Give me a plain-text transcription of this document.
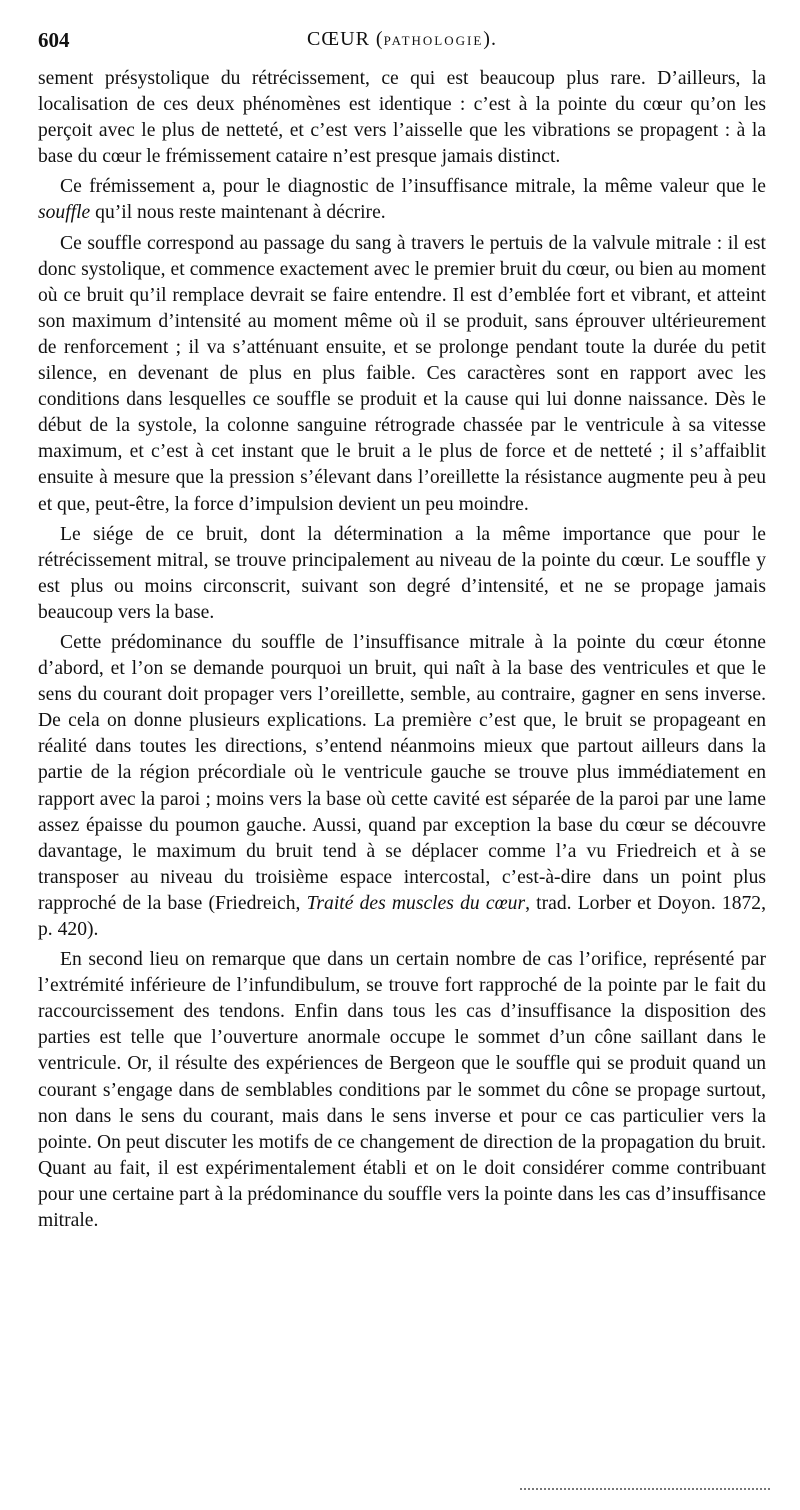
604	CŒUR (PATHOLOGIE).

sement présystolique du rétrécissement, ce qui est beaucoup plus rare. D’ailleurs, la localisation de ces deux phénomènes est identique : c’est à la pointe du cœur qu’on les perçoit avec le plus de netteté, et c’est vers l’aisselle que les vibrations se propagent : à la base du cœur le frémissement cataire n’est presque jamais distinct.

Ce frémissement a, pour le diagnostic de l’insuffisance mitrale, la même valeur que le souffle qu’il nous reste maintenant à décrire.

Ce souffle correspond au passage du sang à travers le pertuis de la valvule mitrale : il est donc systolique, et commence exactement avec le premier bruit du cœur, ou bien au moment où ce bruit qu’il remplace devrait se faire entendre. Il est d’emblée fort et vibrant, et atteint son maximum d’intensité au moment même où il se produit, sans éprouver ultérieurement de renforcement ; il va s’atténuant ensuite, et se prolonge pendant toute la durée du petit silence, en devenant de plus en plus faible. Ces caractères sont en rapport avec les conditions dans lesquelles ce souffle se produit et la cause qui lui donne naissance. Dès le début de la systole, la colonne sanguine rétrograde chassée par le ventricule à sa vitesse maximum, et c’est à cet instant que le bruit a le plus de force et de netteté ; il s’affaiblit ensuite à mesure que la pression s’élevant dans l’oreillette la résistance augmente peu à peu et que, peut-être, la force d’impulsion devient un peu moindre.

Le siége de ce bruit, dont la détermination a la même importance que pour le rétrécissement mitral, se trouve principalement au niveau de la pointe du cœur. Le souffle y est plus ou moins circonscrit, suivant son degré d’intensité, et ne se propage jamais beaucoup vers la base.

Cette prédominance du souffle de l’insuffisance mitrale à la pointe du cœur étonne d’abord, et l’on se demande pourquoi un bruit, qui naît à la base des ventricules et que le sens du courant doit propager vers l’oreillette, semble, au contraire, gagner en sens inverse. De cela on donne plusieurs explications. La première c’est que, le bruit se propageant en réalité dans toutes les directions, s’entend néanmoins mieux que partout ailleurs dans la partie de la région précordiale où le ventricule gauche se trouve plus immédiatement en rapport avec la paroi ; moins vers la base où cette cavité est séparée de la paroi par une lame assez épaisse du poumon gauche. Aussi, quand par exception la base du cœur se découvre davantage, le maximum du bruit tend à se déplacer comme l’a vu Friedreich et à se transposer au niveau du troisième espace intercostal, c’est-à-dire dans un point plus rapproché de la base (Friedreich, Traité des muscles du cœur, trad. Lorber et Doyon. 1872, p. 420).

En second lieu on remarque que dans un certain nombre de cas l’orifice, représenté par l’extrémité inférieure de l’infundibulum, se trouve fort rapproché de la pointe par le fait du raccourcissement des tendons. Enfin dans tous les cas d’insuffisance la disposition des parties est telle que l’ouverture anormale occupe le sommet d’un cône saillant dans le ventricule. Or, il résulte des expériences de Bergeon que le souffle qui se produit quand un courant s’engage dans de semblables conditions par le sommet du cône se propage surtout, non dans le sens du courant, mais dans le sens inverse et pour ce cas particulier vers la pointe. On peut discuter les motifs de ce changement de direction de la propagation du bruit. Quant au fait, il est expérimentalement établi et on le doit considérer comme contribuant pour une certaine part à la prédominance du souffle vers la pointe dans les cas d’insuffisance mitrale.
